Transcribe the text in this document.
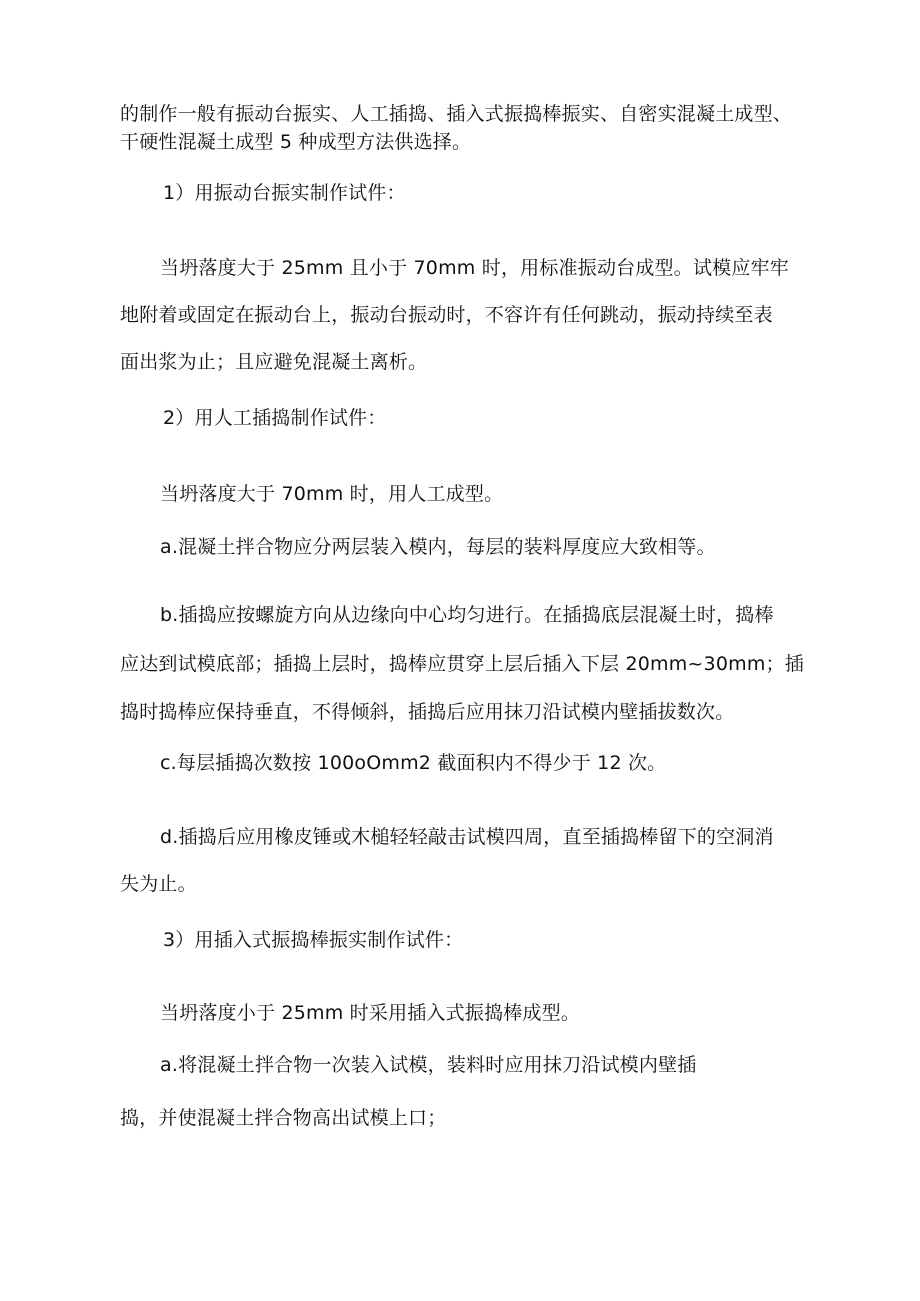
的制作一般有振动台振实、人工插捣、插入式振捣棒振实、自密实混凝土成型、
干硬性混凝土成型 5 种成型方法供选择。
1）用振动台振实制作试件：
当坍落度大于 25mm 且小于 70mm 时，用标准振动台成型。试模应牢牢
地附着或固定在振动台上，振动台振动时，不容许有任何跳动，振动持续至表
面出浆为止；且应避免混凝土离析。
2）用人工插捣制作试件：
当坍落度大于 70mm 时，用人工成型。
a.混凝土拌合物应分两层装入模内，每层的装料厚度应大致相等。
b.插捣应按螺旋方向从边缘向中心均匀进行。在插捣底层混凝土时，捣棒
应达到试模底部；插捣上层时，捣棒应贯穿上层后插入下层 20mm~30mm；插
捣时捣棒应保持垂直，不得倾斜，插捣后应用抹刀沿试模内壁插拔数次。
c.每层插捣次数按 100oOmm2 截面积内不得少于 12 次。
d.插捣后应用橡皮锤或木槌轻轻敲击试模四周，直至插捣棒留下的空洞消
失为止。
3）用插入式振捣棒振实制作试件：
当坍落度小于 25mm 时采用插入式振捣棒成型。
a.将混凝土拌合物一次装入试模，装料时应用抹刀沿试模内壁插
捣，并使混凝土拌合物高出试模上口；
